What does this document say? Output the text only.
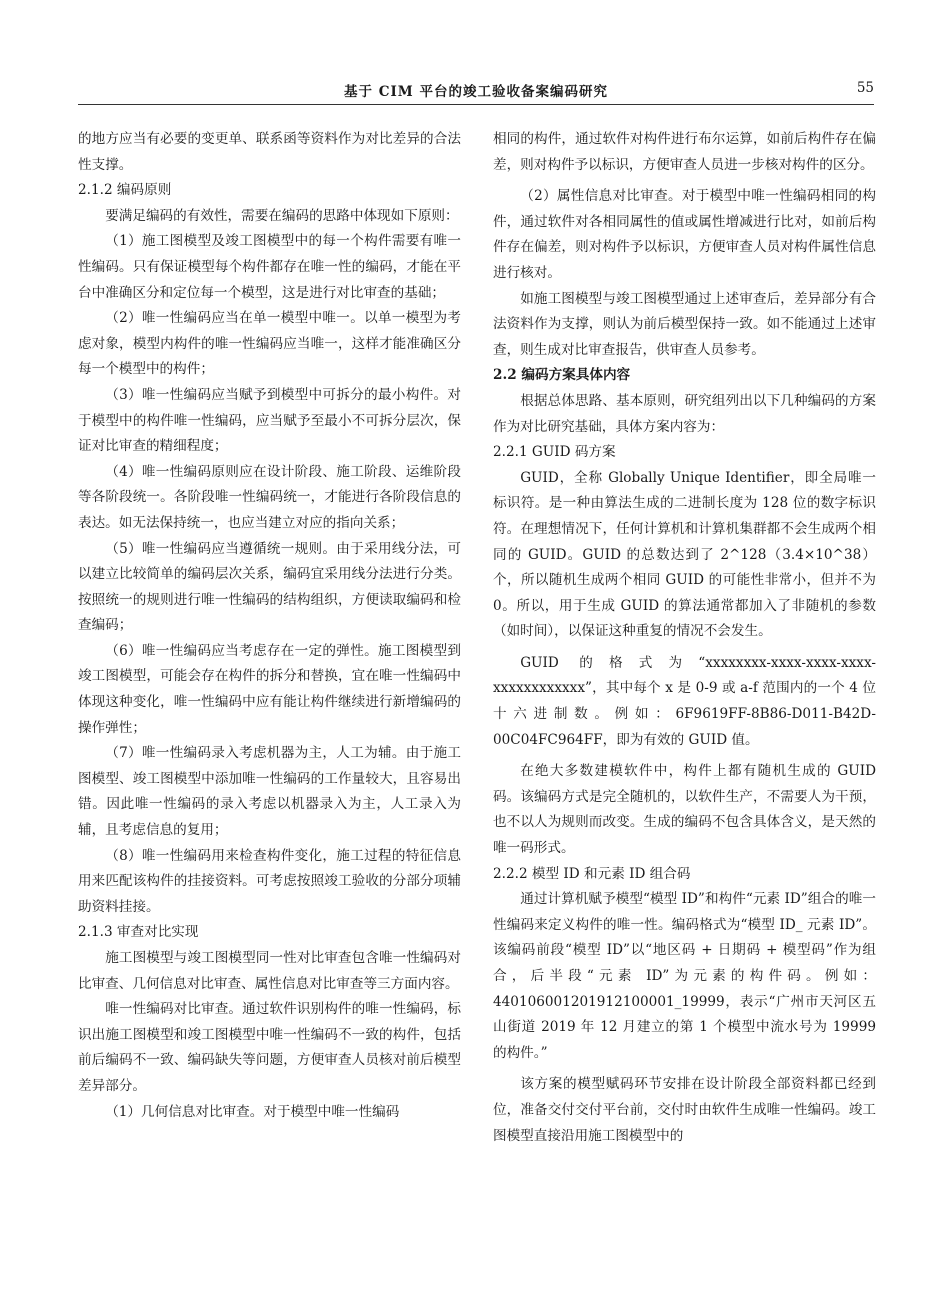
基于 CIM 平台的竣工验收备案编码研究	55

的地方应当有必要的变更单、联系函等资料作为对比差异的合法性支撑。

2.1.2 编码原则

要满足编码的有效性，需要在编码的思路中体现如下原则：

（1）施工图模型及竣工图模型中的每一个构件需要有唯一性编码。只有保证模型每个构件都存在唯一性的编码，才能在平台中准确区分和定位每一个模型，这是进行对比审查的基础；

（2）唯一性编码应当在单一模型中唯一。以单一模型为考虑对象，模型内构件的唯一性编码应当唯一，这样才能准确区分每一个模型中的构件；

（3）唯一性编码应当赋予到模型中可拆分的最小构件。对于模型中的构件唯一性编码，应当赋予至最小不可拆分层次，保证对比审查的精细程度；

（4）唯一性编码原则应在设计阶段、施工阶段、运维阶段等各阶段统一。各阶段唯一性编码统一，才能进行各阶段信息的表达。如无法保持统一，也应当建立对应的指向关系；

（5）唯一性编码应当遵循统一规则。由于采用线分法，可以建立比较简单的编码层次关系，编码宜采用线分法进行分类。按照统一的规则进行唯一性编码的结构组织，方便读取编码和检查编码；

（6）唯一性编码应当考虑存在一定的弹性。施工图模型到竣工图模型，可能会存在构件的拆分和替换，宜在唯一性编码中体现这种变化，唯一性编码中应有能让构件继续进行新增编码的操作弹性；

（7）唯一性编码录入考虑机器为主，人工为辅。由于施工图模型、竣工图模型中添加唯一性编码的工作量较大，且容易出错。因此唯一性编码的录入考虑以机器录入为主，人工录入为辅，且考虑信息的复用；

（8）唯一性编码用来检查构件变化，施工过程的特征信息用来匹配该构件的挂接资料。可考虑按照竣工验收的分部分项辅助资料挂接。

2.1.3 审查对比实现

施工图模型与竣工图模型同一性对比审查包含唯一性编码对比审查、几何信息对比审查、属性信息对比审查等三方面内容。

唯一性编码对比审查。通过软件识别构件的唯一性编码，标识出施工图模型和竣工图模型中唯一性编码不一致的构件，包括前后编码不一致、编码缺失等问题，方便审查人员核对前后模型差异部分。

（1）几何信息对比审查。对于模型中唯一性编码

相同的构件，通过软件对构件进行布尔运算，如前后构件存在偏差，则对构件予以标识，方便审查人员进一步核对构件的区分。

（2）属性信息对比审查。对于模型中唯一性编码相同的构件，通过软件对各相同属性的值或属性增减进行比对，如前后构件存在偏差，则对构件予以标识，方便审查人员对构件属性信息进行核对。

如施工图模型与竣工图模型通过上述审查后，差异部分有合法资料作为支撑，则认为前后模型保持一致。如不能通过上述审查，则生成对比审查报告，供审查人员参考。

2.2 编码方案具体内容

根据总体思路、基本原则，研究组列出以下几种编码的方案作为对比研究基础，具体方案内容为：

2.2.1 GUID 码方案

GUID，全称 Globally Unique Identifier，即全局唯一标识符。是一种由算法生成的二进制长度为 128 位的数字标识符。在理想情况下，任何计算机和计算机集群都不会生成两个相同的 GUID。GUID 的总数达到了 2^128（3.4×10^38）个，所以随机生成两个相同 GUID 的可能性非常小，但并不为 0。所以，用于生成 GUID 的算法通常都加入了非随机的参数（如时间），以保证这种重复的情况不会发生。

GUID 的格式为“xxxxxxxx-xxxx-xxxx-xxxx-xxxxxxxxxxxx”，其中每个 x 是 0-9 或 a-f 范围内的一个 4 位十六进制数。例如：6F9619FF-8B86-D011-B42D-00C04FC964FF，即为有效的 GUID 值。

在绝大多数建模软件中，构件上都有随机生成的 GUID 码。该编码方式是完全随机的，以软件生产，不需要人为干预，也不以人为规则而改变。生成的编码不包含具体含义，是天然的唯一码形式。

2.2.2 模型 ID 和元素 ID 组合码

通过计算机赋予模型“模型 ID”和构件“元素 ID”组合的唯一性编码来定义构件的唯一性。编码格式为“模型 ID_ 元素 ID”。该编码前段“模型 ID”以“地区码 + 日期码 + 模型码”作为组合，后半段“元素 ID”为元素的构件码。例如：440106001201912100001_19999，表示“广州市天河区五山街道 2019 年 12 月建立的第 1 个模型中流水号为 19999 的构件。”

该方案的模型赋码环节安排在设计阶段全部资料都已经到位，准备交付交付平台前，交付时由软件生成唯一性编码。竣工图模型直接沿用施工图模型中的
